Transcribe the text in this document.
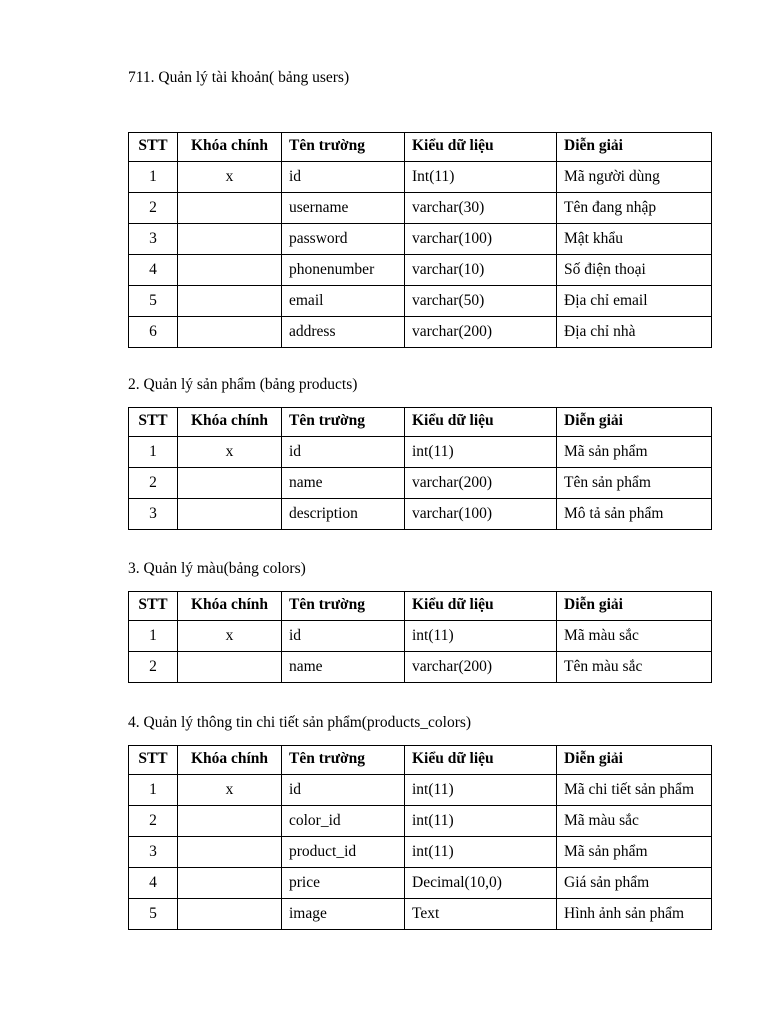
711. Quản lý tài khoản( bảng users)

STT	Khóa chính	Tên trường	Kiểu dữ liệu	Diễn giải
1	x	id	Int(11)	Mã người dùng
2		username	varchar(30)	Tên đang nhập
3		password	varchar(100)	Mật khẩu
4		phonenumber	varchar(10)	Số điện thoại
5		email	varchar(50)	Địa chỉ email
6		address	varchar(200)	Địa chỉ nhà

2. Quản lý sản phẩm (bảng products)

STT	Khóa chính	Tên trường	Kiểu dữ liệu	Diễn giải
1	x	id	int(11)	Mã sản phẩm
2		name	varchar(200)	Tên sản phẩm
3		description	varchar(100)	Mô tả sản phẩm

3. Quản lý màu(bảng colors)

STT	Khóa chính	Tên trường	Kiểu dữ liệu	Diễn giải
1	x	id	int(11)	Mã màu sắc
2		name	varchar(200)	Tên màu sắc

4. Quản lý thông tin chi tiết sản phẩm(products_colors)

STT	Khóa chính	Tên trường	Kiểu dữ liệu	Diễn giải
1	x	id	int(11)	Mã chi tiết sản phẩm
2		color_id	int(11)	Mã màu sắc
3		product_id	int(11)	Mã sản phẩm
4		price	Decimal(10,0)	Giá sản phẩm
5		image	Text	Hình ảnh sản phẩm
